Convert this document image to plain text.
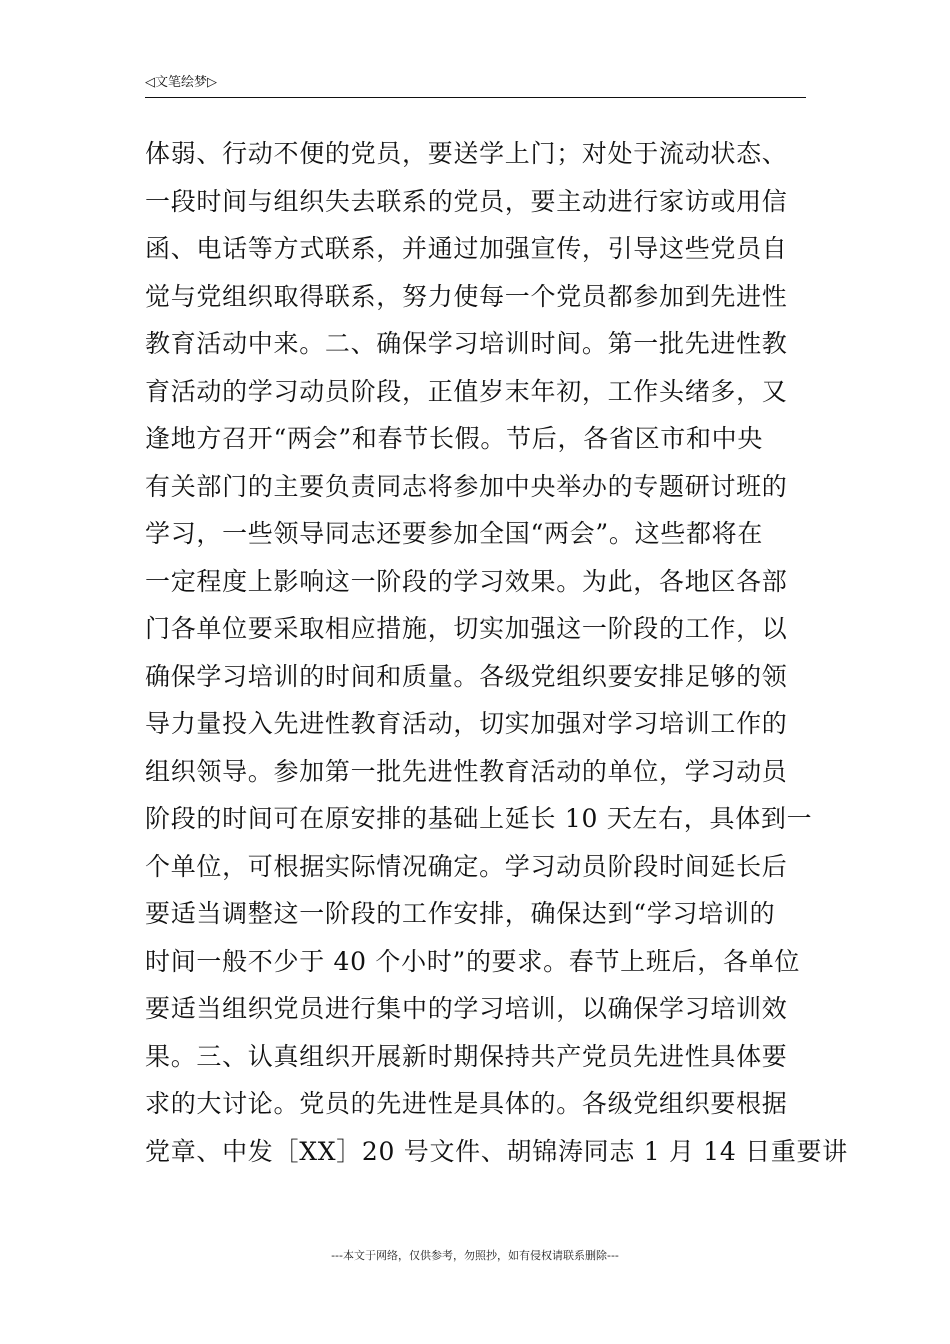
◁文笔绘梦▷
体弱、行动不便的党员，要送学上门；对处于流动状态、
一段时间与组织失去联系的党员，要主动进行家访或用信
函、电话等方式联系，并通过加强宣传，引导这些党员自
觉与党组织取得联系，努力使每一个党员都参加到先进性
教育活动中来。二、确保学习培训时间。第一批先进性教
育活动的学习动员阶段，正值岁末年初，工作头绪多，又
逢地方召开“两会”和春节长假。节后，各省区市和中央
有关部门的主要负责同志将参加中央举办的专题研讨班的
学习，一些领导同志还要参加全国“两会”。这些都将在
一定程度上影响这一阶段的学习效果。为此，各地区各部
门各单位要采取相应措施，切实加强这一阶段的工作，以
确保学习培训的时间和质量。各级党组织要安排足够的领
导力量投入先进性教育活动，切实加强对学习培训工作的
组织领导。参加第一批先进性教育活动的单位，学习动员
阶段的时间可在原安排的基础上延长 10 天左右，具体到一
个单位，可根据实际情况确定。学习动员阶段时间延长后
要适当调整这一阶段的工作安排，确保达到“学习培训的
时间一般不少于 40 个小时”的要求。春节上班后，各单位
要适当组织党员进行集中的学习培训，以确保学习培训效
果。三、认真组织开展新时期保持共产党员先进性具体要
求的大讨论。党员的先进性是具体的。各级党组织要根据
党章、中发［XX］20 号文件、胡锦涛同志 1 月 14 日重要讲
---本文于网络，仅供参考，勿照抄，如有侵权请联系删除---
